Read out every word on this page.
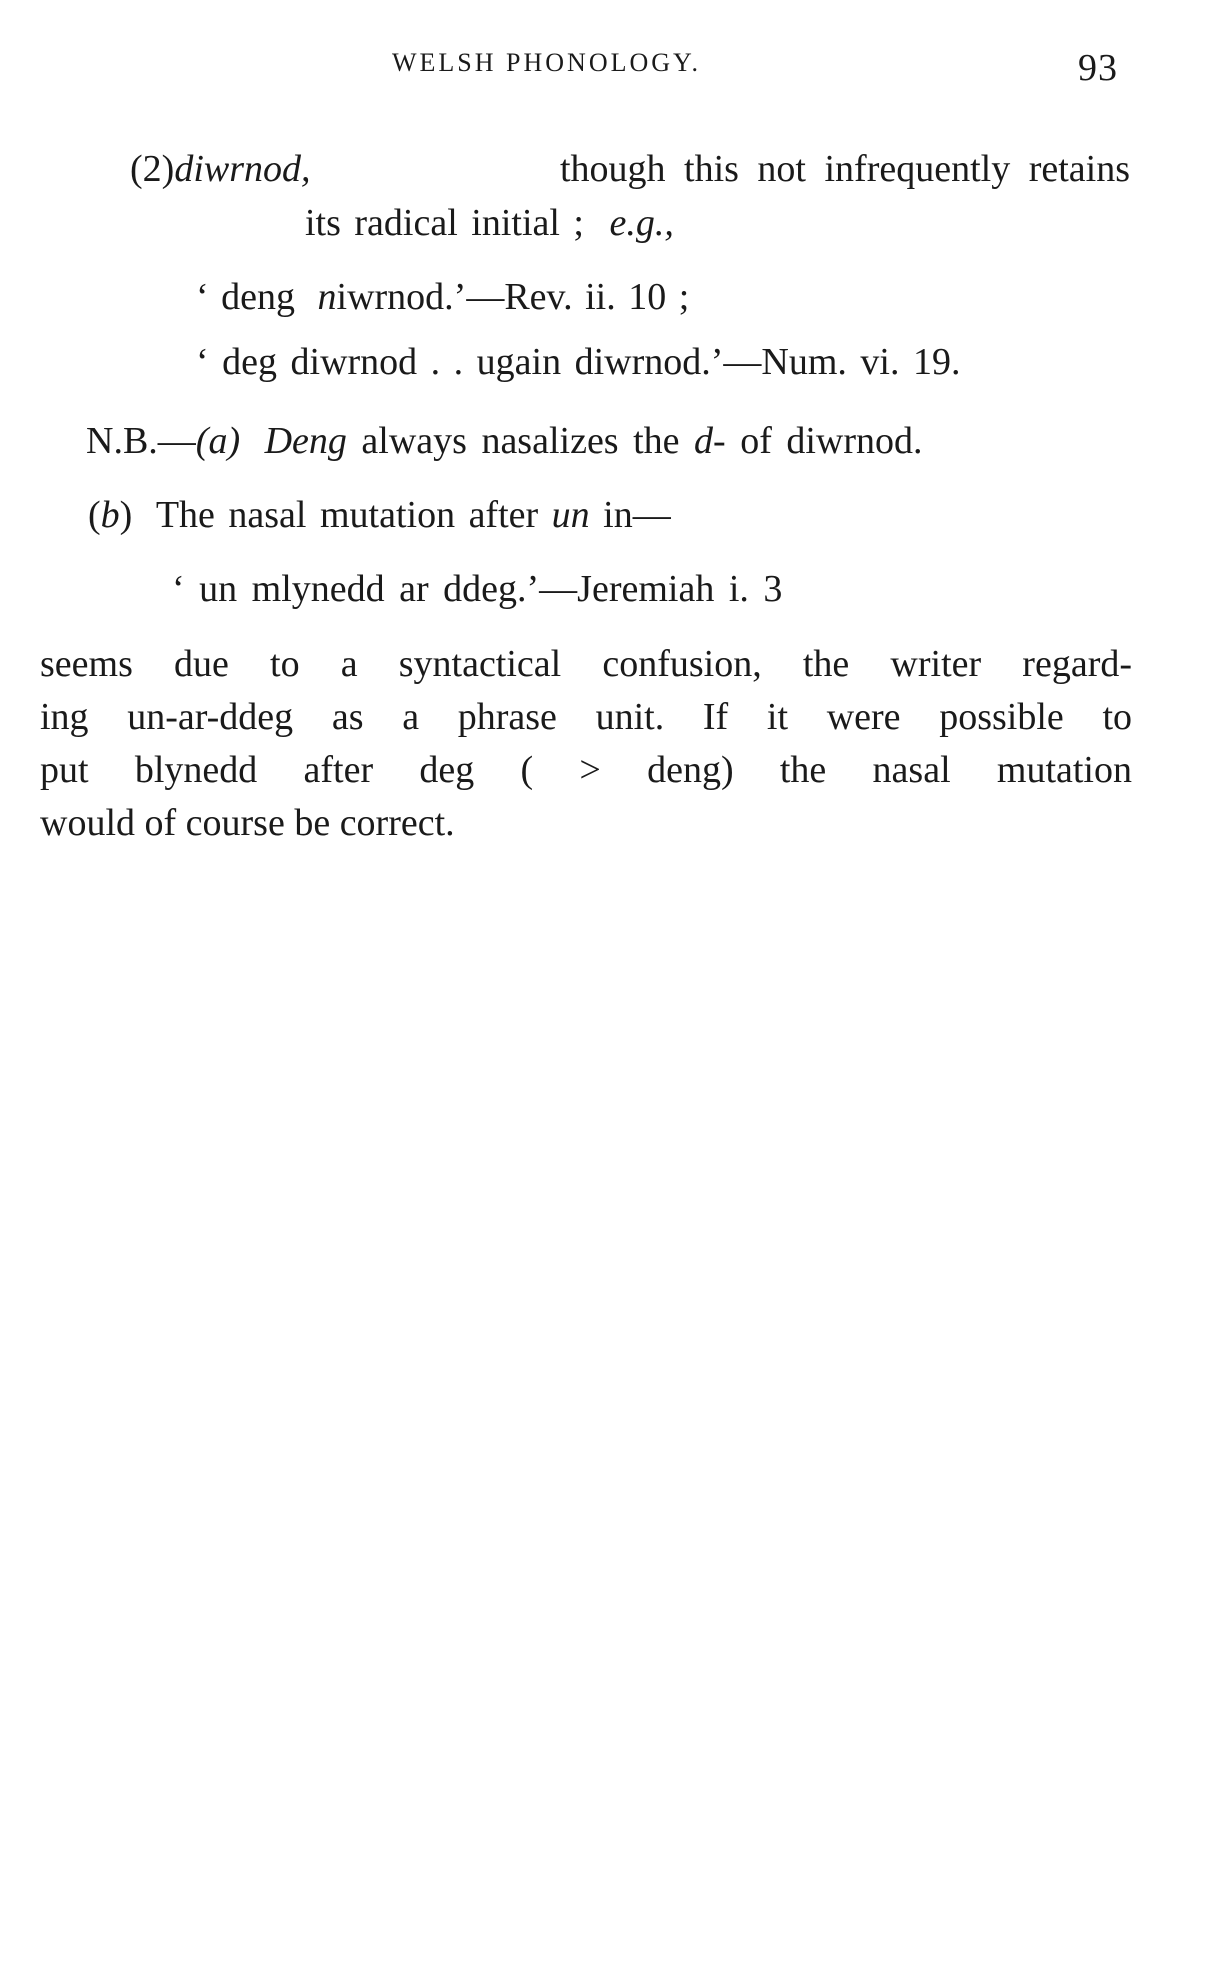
WELSH PHONOLOGY.	93
(2) diwrnod,	though this not infrequently retains
its radical initial ; e.g.,
‘ deng niwrnod.’—Rev. ii. 10 ;
‘ deg diwrnod . . ugain diwrnod.’—Num. vi. 19.
N.B.—(a) Deng always nasalizes the d- of diwrnod.
(b) The nasal mutation after un in—
‘ un mlynedd ar ddeg.’—Jeremiah i. 3
seems due to a syntactical confusion, the writer regard-
ing un-ar-ddeg as a phrase unit. If it were possible to
put blynedd after deg ( > deng) the nasal mutation
would of course be correct.
